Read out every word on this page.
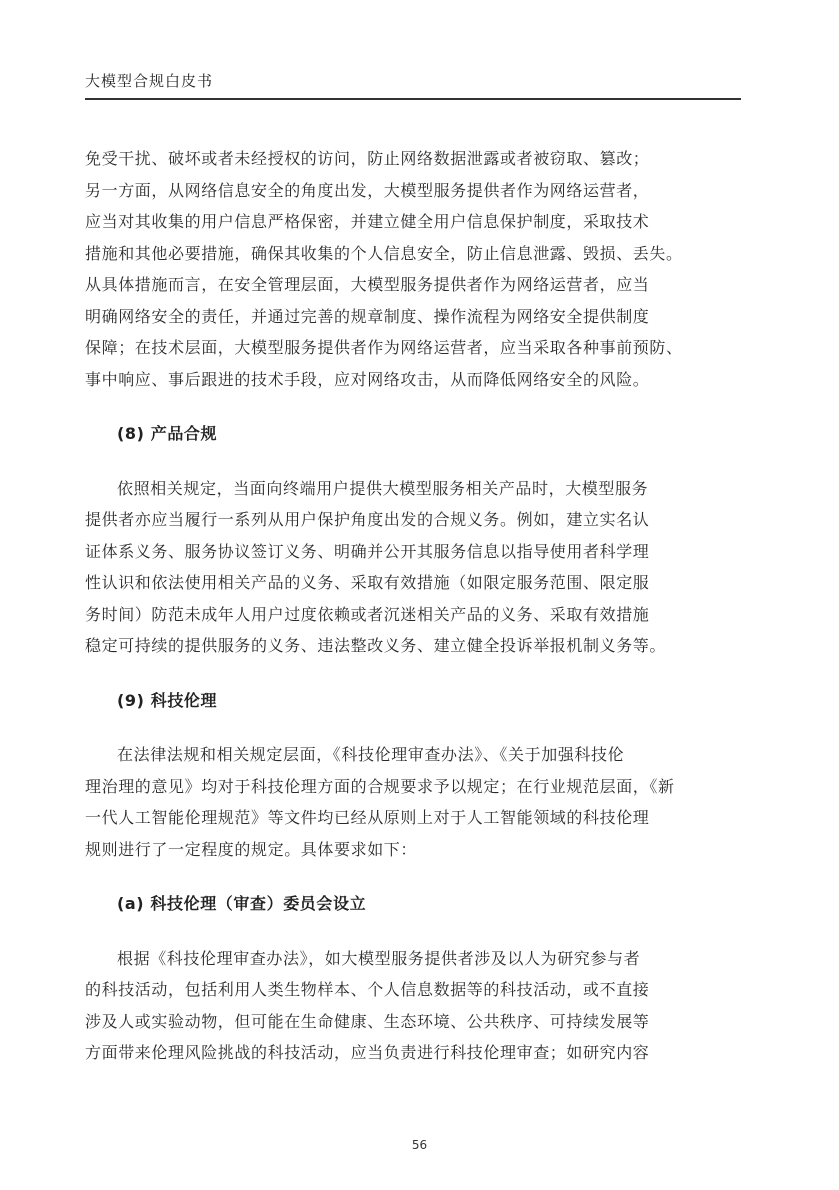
大模型合规白皮书

免受干扰、破坏或者未经授权的访问，防止网络数据泄露或者被窃取、篡改；
另一方面，从网络信息安全的角度出发，大模型服务提供者作为网络运营者，
应当对其收集的用户信息严格保密，并建立健全用户信息保护制度，采取技术
措施和其他必要措施，确保其收集的个人信息安全，防止信息泄露、毁损、丢失。
从具体措施而言，在安全管理层面，大模型服务提供者作为网络运营者，应当
明确网络安全的责任，并通过完善的规章制度、操作流程为网络安全提供制度
保障；在技术层面，大模型服务提供者作为网络运营者，应当采取各种事前预防、
事中响应、事后跟进的技术手段，应对网络攻击，从而降低网络安全的风险。

(8) 产品合规

依照相关规定，当面向终端用户提供大模型服务相关产品时，大模型服务
提供者亦应当履行一系列从用户保护角度出发的合规义务。例如，建立实名认
证体系义务、服务协议签订义务、明确并公开其服务信息以指导使用者科学理
性认识和依法使用相关产品的义务、采取有效措施（如限定服务范围、限定服
务时间）防范未成年人用户过度依赖或者沉迷相关产品的义务、采取有效措施
稳定可持续的提供服务的义务、违法整改义务、建立健全投诉举报机制义务等。

(9) 科技伦理

在法律法规和相关规定层面，《科技伦理审查办法》、《关于加强科技伦
理治理的意见》均对于科技伦理方面的合规要求予以规定；在行业规范层面，《新
一代人工智能伦理规范》等文件均已经从原则上对于人工智能领域的科技伦理
规则进行了一定程度的规定。具体要求如下：

(a) 科技伦理（审查）委员会设立

根据《科技伦理审查办法》，如大模型服务提供者涉及以人为研究参与者
的科技活动，包括利用人类生物样本、个人信息数据等的科技活动，或不直接
涉及人或实验动物，但可能在生命健康、生态环境、公共秩序、可持续发展等
方面带来伦理风险挑战的科技活动，应当负责进行科技伦理审查；如研究内容

56
